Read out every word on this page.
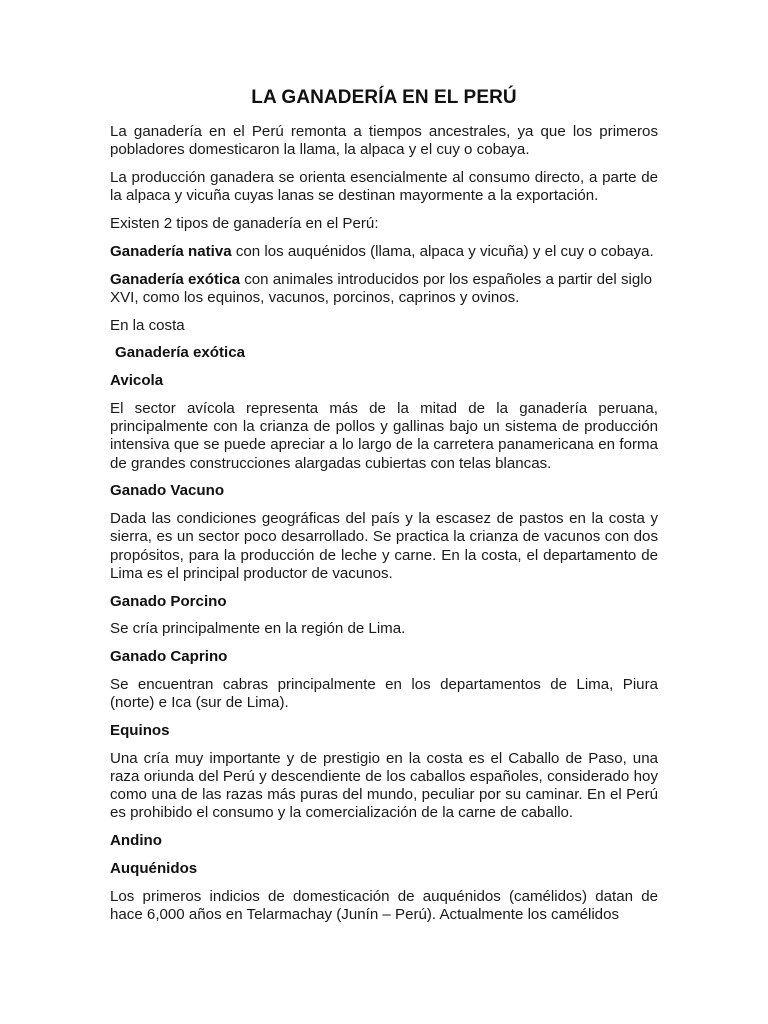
LA GANADERÍA EN EL PERÚ

La ganadería en el Perú remonta a tiempos ancestrales, ya que los primeros pobladores domesticaron la llama, la alpaca y el cuy o cobaya.

La producción ganadera se orienta esencialmente al consumo directo, a parte de la alpaca y vicuña cuyas lanas se destinan mayormente a la exportación.

Existen 2 tipos de ganadería en el Perú:

Ganadería nativa con los auquénidos (llama, alpaca y vicuña) y el cuy o cobaya.

Ganadería exótica con animales introducidos por los españoles a partir del siglo XVI, como los equinos, vacunos, porcinos, caprinos y ovinos.

En la costa

Ganadería exótica
Avicola

El sector avícola representa más de la mitad de la ganadería peruana, principalmente con la crianza de pollos y gallinas bajo un sistema de producción intensiva que se puede apreciar a lo largo de la carretera panamericana en forma de grandes construcciones alargadas cubiertas con telas blancas.

Ganado Vacuno

Dada las condiciones geográficas del país y la escasez de pastos en la costa y sierra, es un sector poco desarrollado. Se practica la crianza de vacunos con dos propósitos, para la producción de leche y carne. En la costa, el departamento de Lima es el principal productor de vacunos.

Ganado Porcino

Se cría principalmente en la región de Lima.

Ganado Caprino

Se encuentran cabras principalmente en los departamentos de Lima, Piura (norte) e Ica (sur de Lima).

Equinos

Una cría muy importante y de prestigio en la costa es el Caballo de Paso, una raza oriunda del Perú y descendiente de los caballos españoles, considerado hoy como una de las razas más puras del mundo, peculiar por su caminar. En el Perú es prohibido el consumo y la comercialización de la carne de caballo.

Andino
Auquénidos

Los primeros indicios de domesticación de auquénidos (camélidos) datan de hace 6,000 años en Telarmachay (Junín – Perú). Actualmente los camélidos
